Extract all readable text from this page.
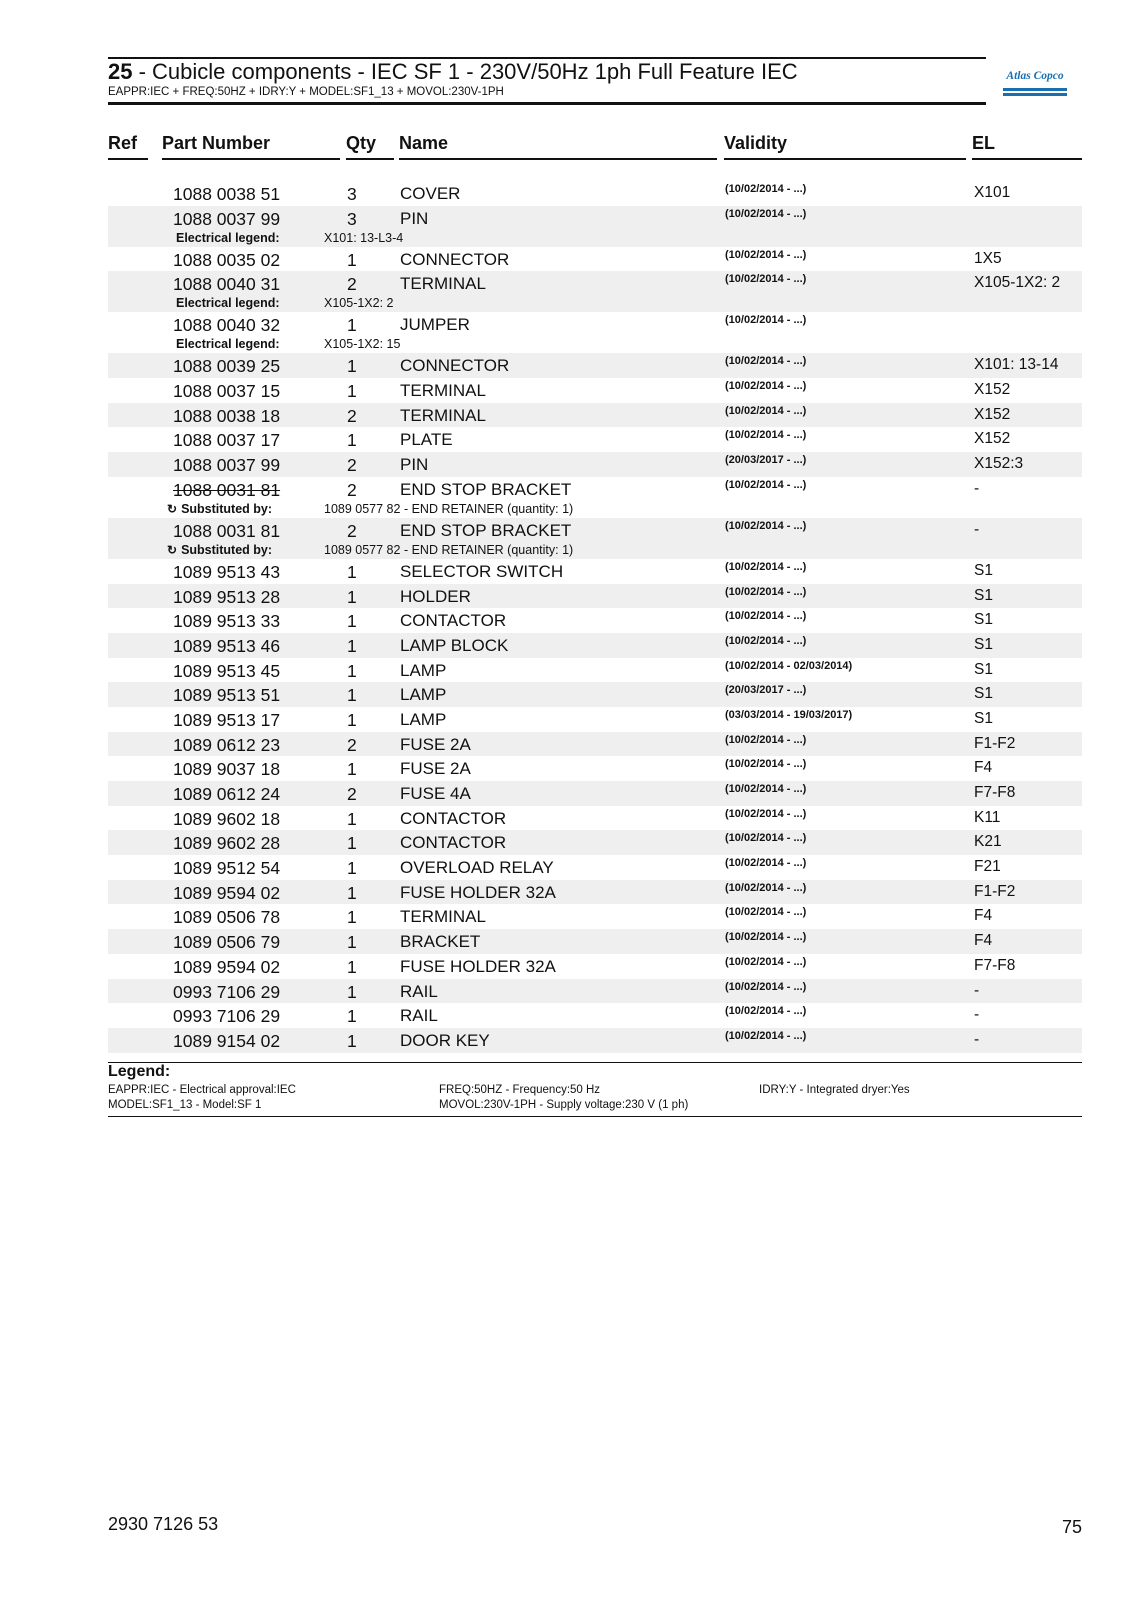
25 - Cubicle components - IEC SF 1 - 230V/50Hz 1ph Full Feature IEC
EAPPR:IEC + FREQ:50HZ + IDRY:Y + MODEL:SF1_13 + MOVOL:230V-1PH
Atlas Copco
Ref Part Number	Qty Name	Validity	EL
1088 0038 51	3	COVER	(10/02/2014 - ...)	X101
1088 0037 99	3	PIN	(10/02/2014 - ...)
Electrical legend:	X101: 13-L3-4
1088 0035 02	1	CONNECTOR	(10/02/2014 - ...)	1X5
1088 0040 31	2	TERMINAL	(10/02/2014 - ...)	X105-1X2: 2
Electrical legend:	X105-1X2: 2
1088 0040 32	1	JUMPER	(10/02/2014 - ...)
Electrical legend:	X105-1X2: 15
1088 0039 25	1	CONNECTOR	(10/02/2014 - ...)	X101: 13-14
1088 0037 15	1	TERMINAL	(10/02/2014 - ...)	X152
1088 0038 18	2	TERMINAL	(10/02/2014 - ...)	X152
1088 0037 17	1	PLATE	(10/02/2014 - ...)	X152
1088 0037 99	2	PIN	(20/03/2017 - ...)	X152:3
1088 0031 81	2	END STOP BRACKET	(10/02/2014 - ...)	-
↻ Substituted by:	1089 0577 82 - END RETAINER (quantity: 1)
1088 0031 81	2	END STOP BRACKET	(10/02/2014 - ...)	-
↻ Substituted by:	1089 0577 82 - END RETAINER (quantity: 1)
1089 9513 43	1	SELECTOR SWITCH	(10/02/2014 - ...)	S1
1089 9513 28	1	HOLDER	(10/02/2014 - ...)	S1
1089 9513 33	1	CONTACTOR	(10/02/2014 - ...)	S1
1089 9513 46	1	LAMP BLOCK	(10/02/2014 - ...)	S1
1089 9513 45	1	LAMP	(10/02/2014 - 02/03/2014)	S1
1089 9513 51	1	LAMP	(20/03/2017 - ...)	S1
1089 9513 17	1	LAMP	(03/03/2014 - 19/03/2017)	S1
1089 0612 23	2	FUSE 2A	(10/02/2014 - ...)	F1-F2
1089 9037 18	1	FUSE 2A	(10/02/2014 - ...)	F4
1089 0612 24	2	FUSE 4A	(10/02/2014 - ...)	F7-F8
1089 9602 18	1	CONTACTOR	(10/02/2014 - ...)	K11
1089 9602 28	1	CONTACTOR	(10/02/2014 - ...)	K21
1089 9512 54	1	OVERLOAD RELAY	(10/02/2014 - ...)	F21
1089 9594 02	1	FUSE HOLDER 32A	(10/02/2014 - ...)	F1-F2
1089 0506 78	1	TERMINAL	(10/02/2014 - ...)	F4
1089 0506 79	1	BRACKET	(10/02/2014 - ...)	F4
1089 9594 02	1	FUSE HOLDER 32A	(10/02/2014 - ...)	F7-F8
0993 7106 29	1	RAIL	(10/02/2014 - ...)	-
0993 7106 29	1	RAIL	(10/02/2014 - ...)	-
1089 9154 02	1	DOOR KEY	(10/02/2014 - ...)	-
Legend:
EAPPR:IEC - Electrical approval:IEC	FREQ:50HZ - Frequency:50 Hz	IDRY:Y - Integrated dryer:Yes
MODEL:SF1_13 - Model:SF 1	MOVOL:230V-1PH - Supply voltage:230 V (1 ph)
2930 7126 53	75
